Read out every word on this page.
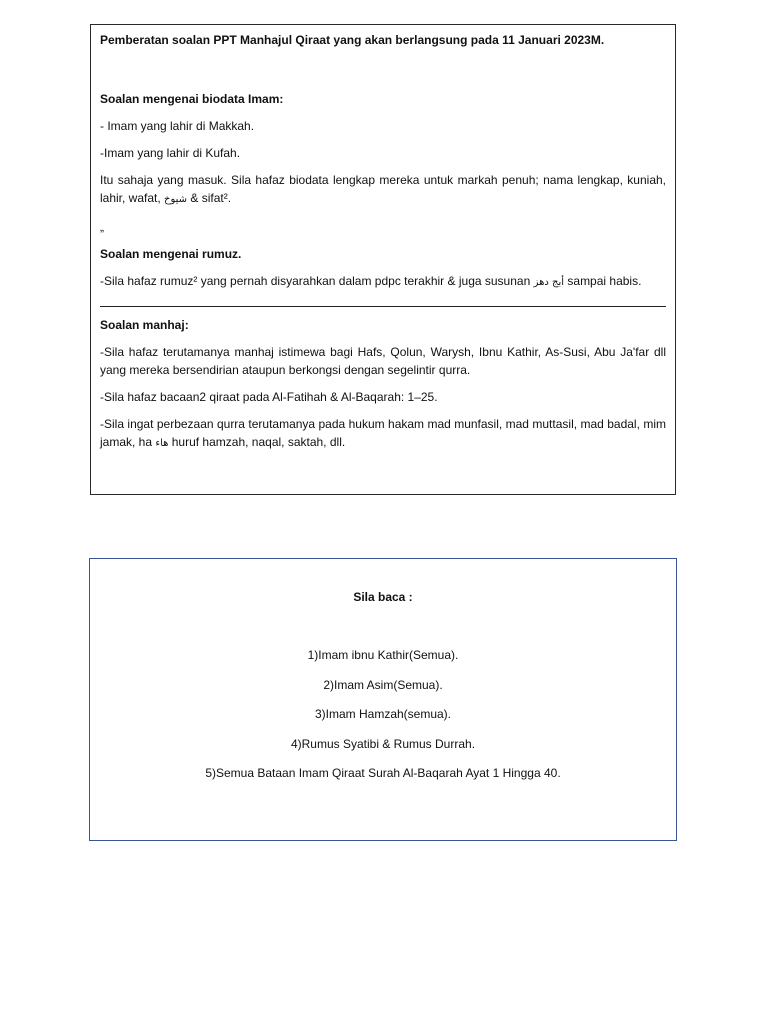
Pemberatan soalan PPT Manhajul Qiraat yang akan berlangsung pada 11 Januari 2023M.

Soalan mengenai biodata Imam:

- Imam yang lahir di Makkah.

-Imam yang lahir di Kufah.

Itu sahaja yang masuk. Sila hafaz biodata lengkap mereka untuk markah penuh; nama lengkap, kuniah, lahir, wafat, شيوخ & sifat².

„

Soalan mengenai rumuz.

-Sila hafaz rumuz² yang pernah disyarahkan dalam pdpc terakhir & juga susunan أبج دهز sampai habis.

Soalan manhaj:

-Sila hafaz terutamanya manhaj istimewa bagi Hafs, Qolun, Warysh, Ibnu Kathir, As-Susi, Abu Ja'far dll yang mereka bersendirian ataupun berkongsi dengan segelintir qurra.

-Sila hafaz bacaan2 qiraat pada Al-Fatihah & Al-Baqarah: 1‒25.

-Sila ingat perbezaan qurra terutamanya pada hukum hakam mad munfasil, mad muttasil, mad badal, mim jamak, ha هاء huruf hamzah, naqal, saktah, dll.

Sila baca :
1)Imam ibnu Kathir(Semua).
2)Imam Asim(Semua).
3)Imam Hamzah(semua).
4)Rumus Syatibi & Rumus Durrah.
5)Semua Bataan Imam Qiraat Surah Al-Baqarah Ayat 1 Hingga 40.
